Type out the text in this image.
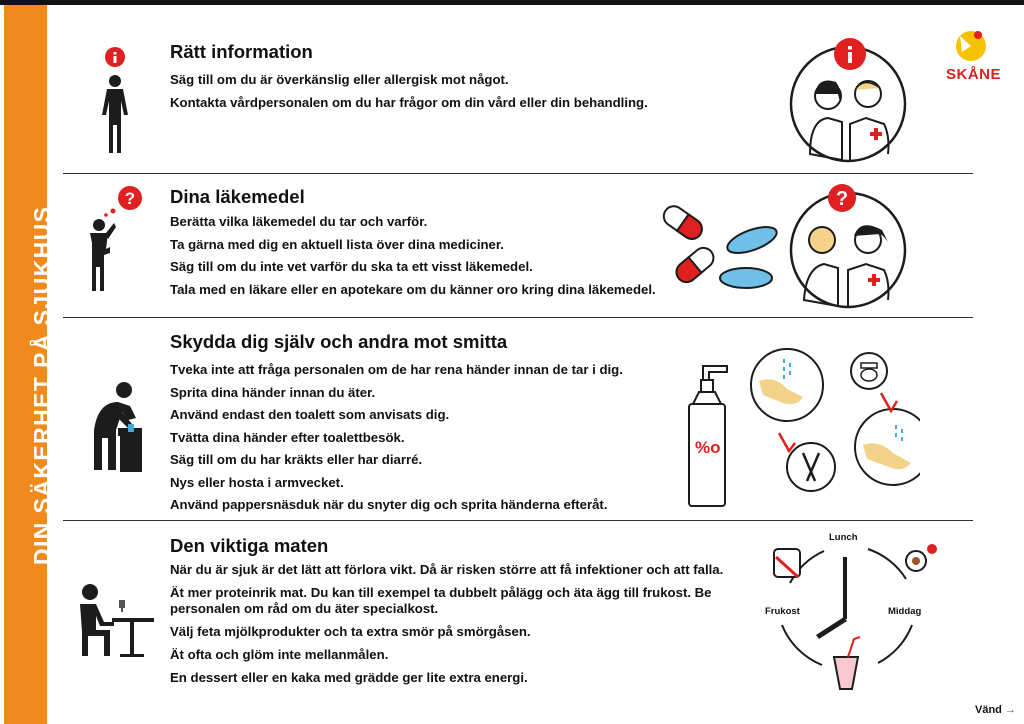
DIN SÄKERHET PÅ SJUKHUS
SKÅNE
Rätt information
Säg till om du är överkänslig eller allergisk mot något.
Kontakta vårdpersonalen om du har frågor om din vård eller din behandling.
? Dina läkemedel
Berätta vilka läkemedel du tar och varför.
Ta gärna med dig en aktuell lista över dina mediciner.
Säg till om du inte vet varför du ska ta ett visst läkemedel.
Tala med en läkare eller en apotekare om du känner oro kring dina läkemedel.
?
Skydda dig själv och andra mot smitta
Tveka inte att fråga personalen om de har rena händer innan de tar i dig.
Sprita dina händer innan du äter.
Använd endast den toalett som anvisats dig.
Tvätta dina händer efter toalettbesök.
Säg till om du har kräkts eller har diarré.
Nys eller hosta i armvecket.
Använd pappersnäsduk när du snyter dig och sprita händerna efteråt.
%o
Den viktiga maten
När du är sjuk är det lätt att förlora vikt. Då är risken större att få infektioner och att falla.
Ät mer proteinrik mat. Du kan till exempel ta dubbelt pålägg och äta ägg till frukost. Be personalen om råd om du äter specialkost.
Välj feta mjölkprodukter och ta extra smör på smörgåsen.
Ät ofta och glöm inte mellanmålen.
En dessert eller en kaka med grädde ger lite extra energi.
Lunch
Frukost	Middag
Vänd →
